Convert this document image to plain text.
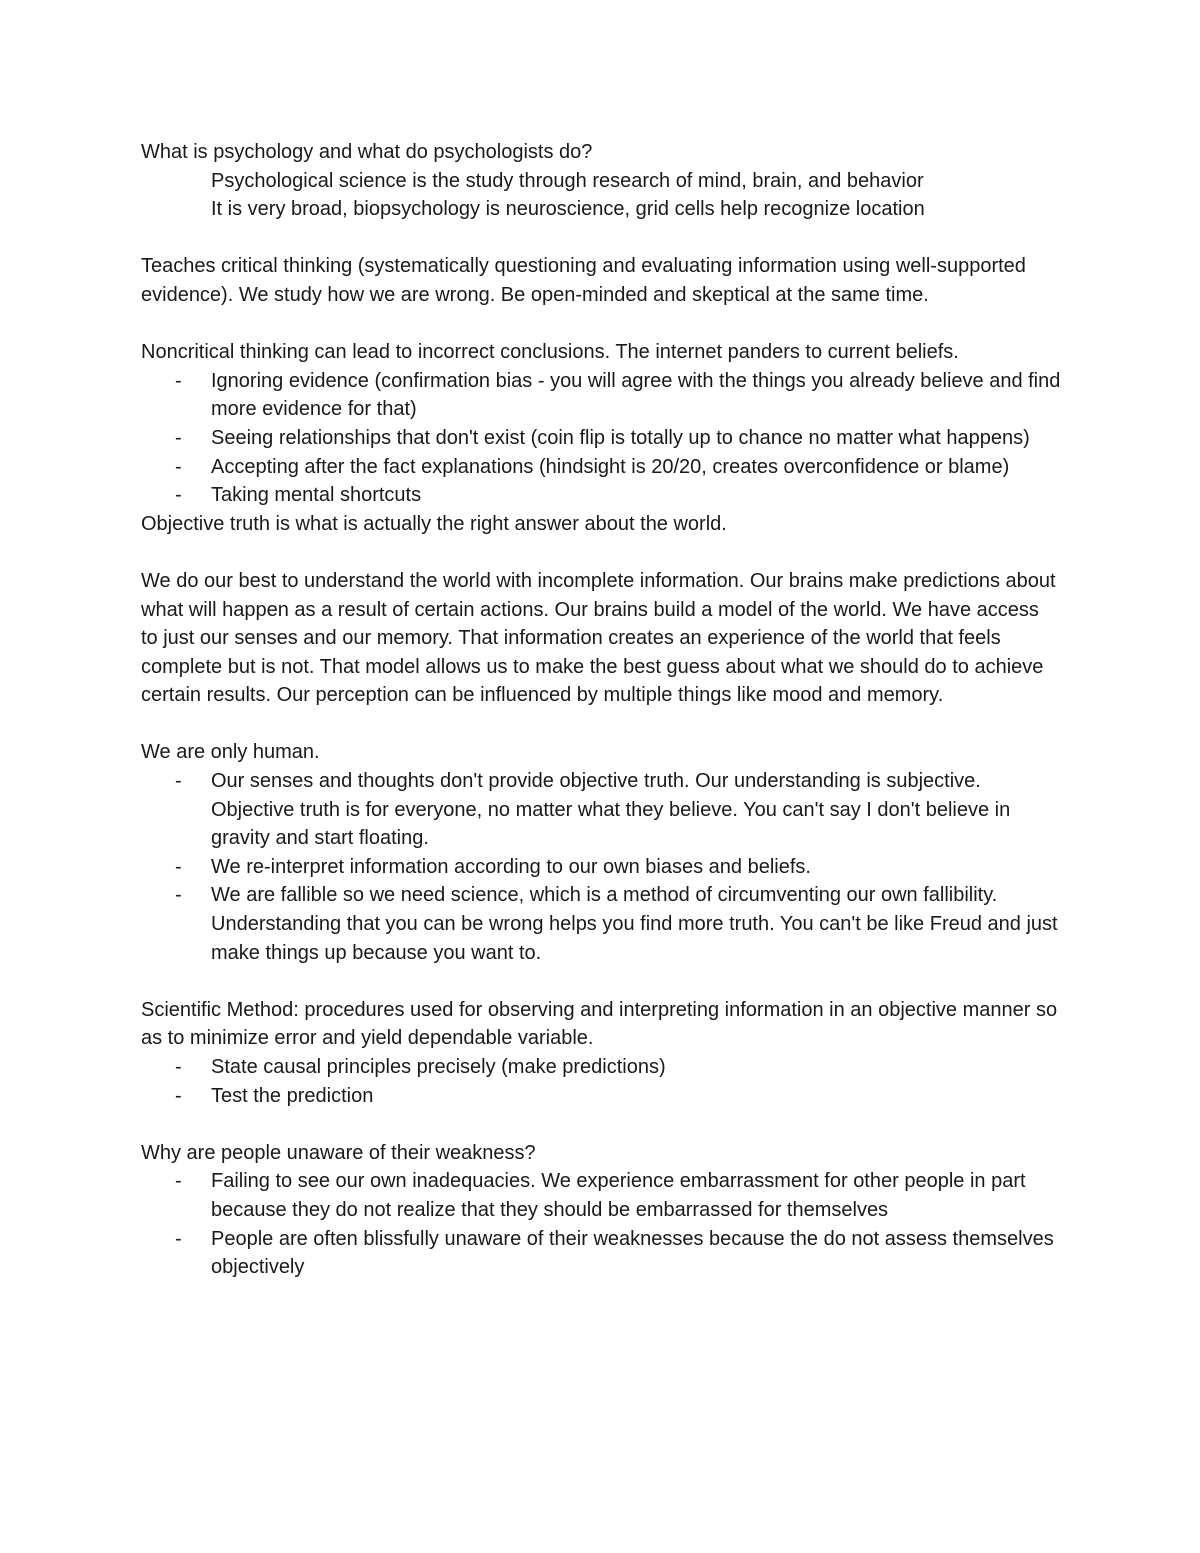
What is psychology and what do psychologists do?

Psychological science is the study through research of mind, brain, and behavior

It is very broad, biopsychology is neuroscience, grid cells help recognize location

Teaches critical thinking (systematically questioning and evaluating information using well-supported evidence). We study how we are wrong. Be open-minded and skeptical at the same time.

Noncritical thinking can lead to incorrect conclusions. The internet panders to current beliefs.

- Ignoring evidence (confirmation bias - you will agree with the things you already believe and find more evidence for that)
- Seeing relationships that don't exist (coin flip is totally up to chance no matter what happens)
- Accepting after the fact explanations (hindsight is 20/20, creates overconfidence or blame)
- Taking mental shortcuts

Objective truth is what is actually the right answer about the world.

We do our best to understand the world with incomplete information. Our brains make predictions about what will happen as a result of certain actions. Our brains build a model of the world. We have access to just our senses and our memory. That information creates an experience of the world that feels complete but is not. That model allows us to make the best guess about what we should do to achieve certain results. Our perception can be influenced by multiple things like mood and memory.

We are only human.

- Our senses and thoughts don't provide objective truth. Our understanding is subjective. Objective truth is for everyone, no matter what they believe. You can't say I don't believe in gravity and start floating.
- We re-interpret information according to our own biases and beliefs.
- We are fallible so we need science, which is a method of circumventing our own fallibility. Understanding that you can be wrong helps you find more truth. You can't be like Freud and just make things up because you want to.

Scientific Method: procedures used for observing and interpreting information in an objective manner so as to minimize error and yield dependable variable.

- State causal principles precisely (make predictions)
- Test the prediction

Why are people unaware of their weakness?

- Failing to see our own inadequacies. We experience embarrassment for other people in part because they do not realize that they should be embarrassed for themselves
- People are often blissfully unaware of their weaknesses because the do not assess themselves objectively
